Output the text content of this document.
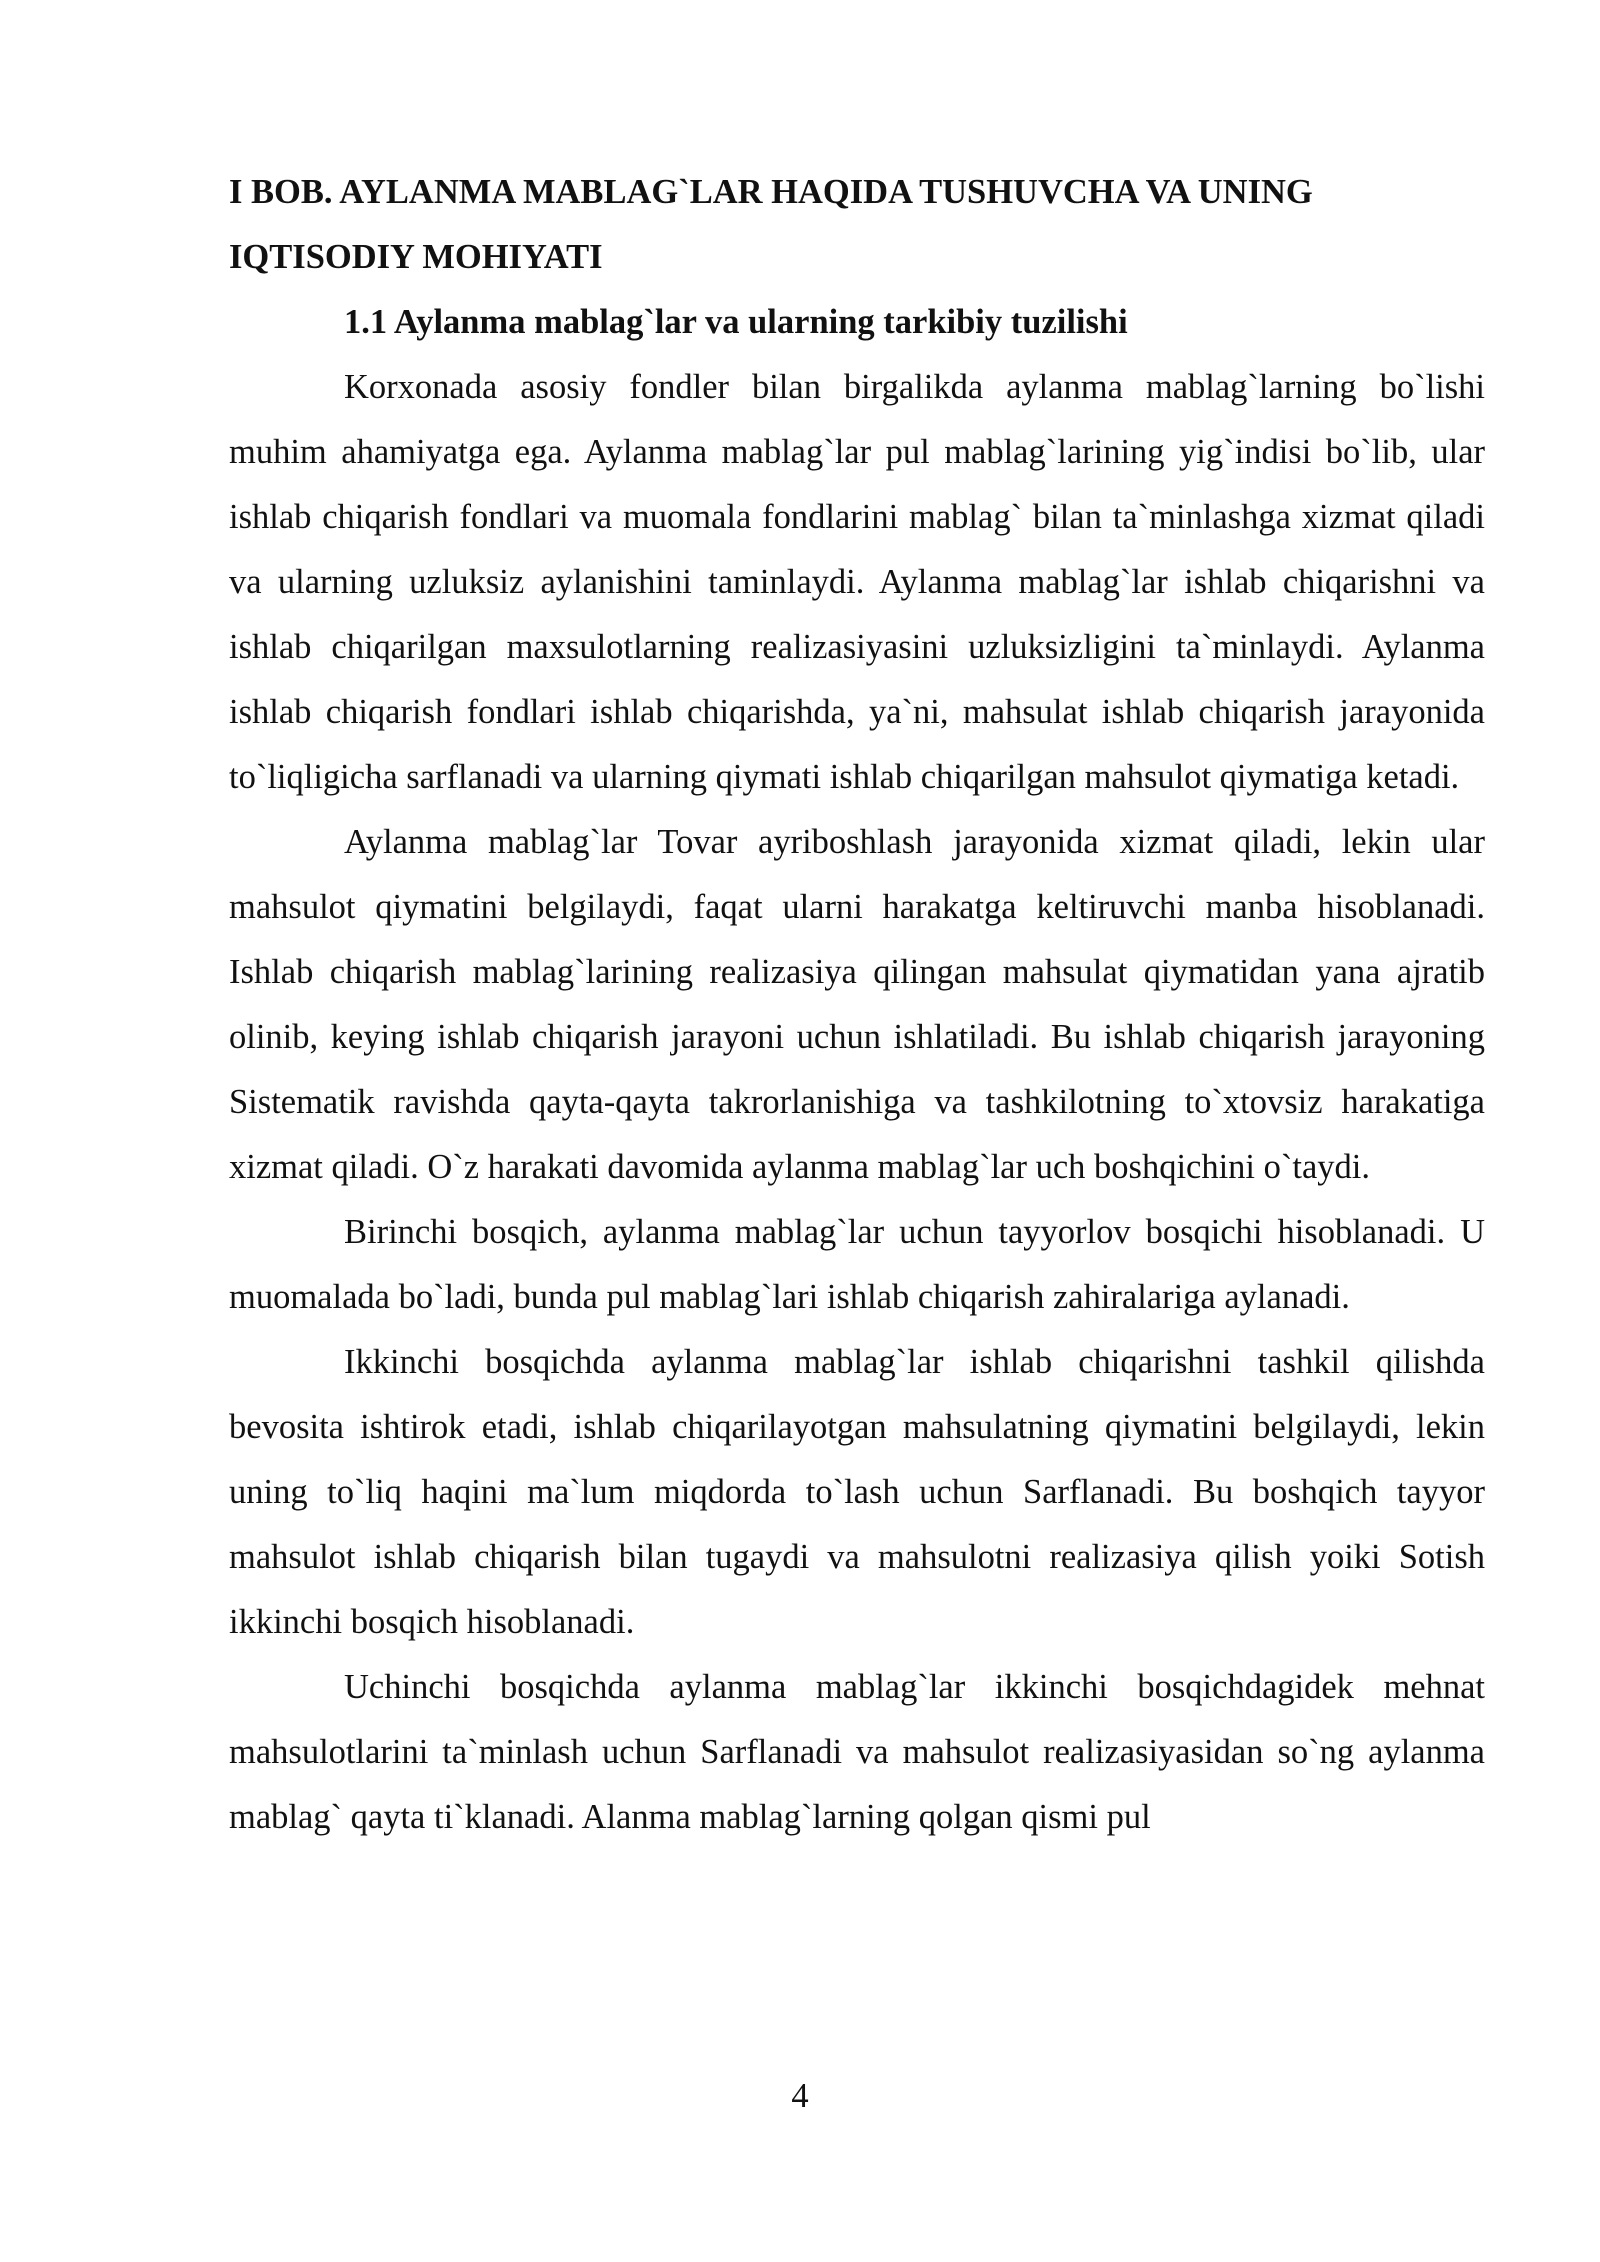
I BOB. AYLANMA MABLAG`LAR HAQIDA TUSHUVCHA VA UNING IQTISODIY MOHIYATI

1.1 Aylanma mablag`lar va ularning tarkibiy tuzilishi

Korxonada asosiy fondler bilan birgalikda aylanma mablag`larning bo`lishi muhim ahamiyatga ega. Aylanma mablag`lar pul mablag`larining yig`indisi bo`lib, ular ishlab chiqarish fondlari va muomala fondlarini mablag` bilan ta`minlashga xizmat qiladi va ularning uzluksiz aylanishini taminlaydi. Aylanma mablag`lar ishlab chiqarishni va ishlab chiqarilgan maxsulotlarning realizasiyasini uzluksizligini ta`minlaydi. Aylanma ishlab chiqarish fondlari ishlab chiqarishda, ya`ni, mahsulat ishlab chiqarish jarayonida to`liqligicha sarflanadi va ularning qiymati ishlab chiqarilgan mahsulot qiymatiga ketadi.

Aylanma mablag`lar Tovar ayriboshlash jarayonida xizmat qiladi, lekin ular mahsulot qiymatini belgilaydi, faqat ularni harakatga keltiruvchi manba hisoblanadi. Ishlab chiqarish mablag`larining realizasiya qilingan mahsulat qiymatidan yana ajratib olinib, keying ishlab chiqarish jarayoni uchun ishlatiladi. Bu ishlab chiqarish jarayoning Sistematik ravishda qayta-qayta takrorlanishiga va tashkilotning to`xtovsiz harakatiga xizmat qiladi. O`z harakati davomida aylanma mablag`lar uch boshqichini o`taydi.

Birinchi bosqich, aylanma mablag`lar uchun tayyorlov bosqichi hisoblanadi. U muomalada bo`ladi, bunda pul mablag`lari ishlab chiqarish zahiralariga aylanadi.

Ikkinchi bosqichda aylanma mablag`lar ishlab chiqarishni tashkil qilishda bevosita ishtirok etadi, ishlab chiqarilayotgan mahsulatning qiymatini belgilaydi, lekin uning to`liq haqini ma`lum miqdorda to`lash uchun Sarflanadi. Bu boshqich tayyor mahsulot ishlab chiqarish bilan tugaydi va mahsulotni realizasiya qilish yoiki Sotish ikkinchi bosqich hisoblanadi.

Uchinchi bosqichda aylanma mablag`lar ikkinchi bosqichdagidek mehnat mahsulotlarini ta`minlash uchun Sarflanadi va mahsulot realizasiyasidan so`ng aylanma mablag` qayta ti`klanadi. Alanma mablag`larning qolgan qismi pul

4
